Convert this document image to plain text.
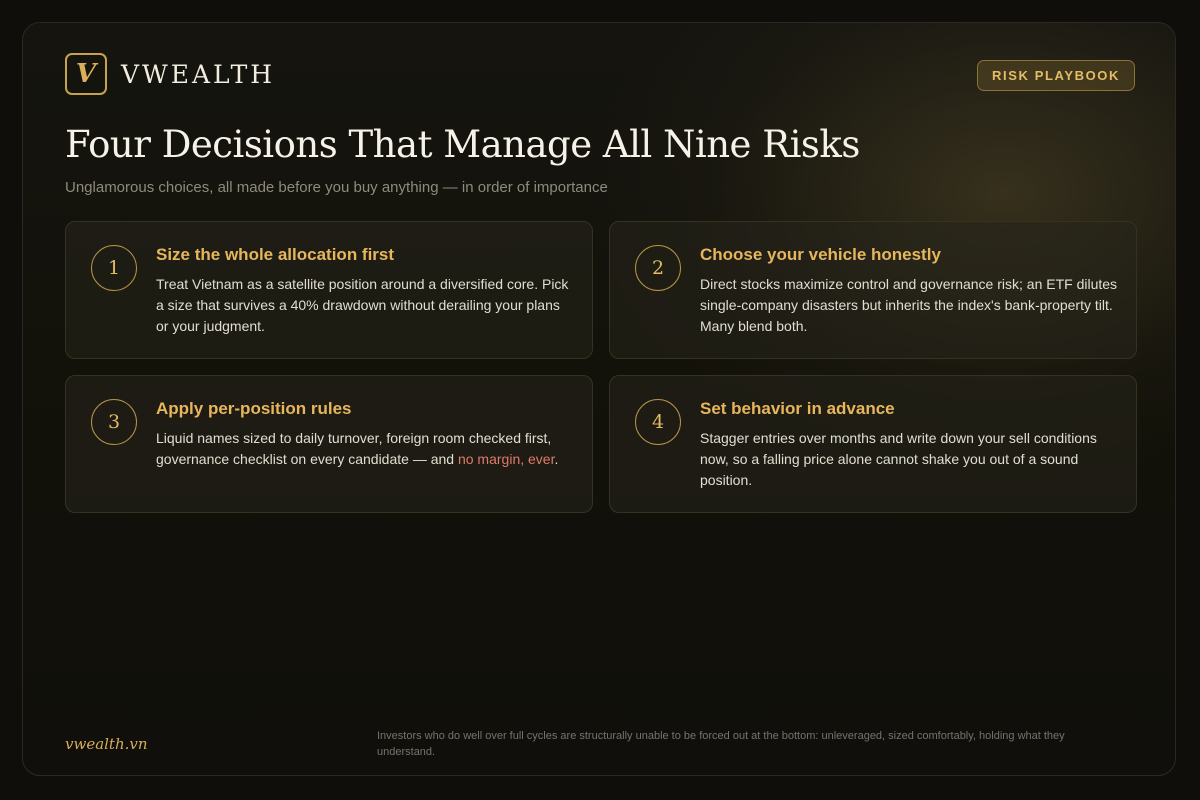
V VWEALTH	RISK PLAYBOOK
Four Decisions That Manage All Nine Risks
Unglamorous choices, all made before you buy anything — in order of importance
1
Size the whole allocation first
Treat Vietnam as a satellite position around a diversified core. Pick a size that survives a 40% drawdown without derailing your plans or your judgment.
2
Choose your vehicle honestly
Direct stocks maximize control and governance risk; an ETF dilutes single-company disasters but inherits the index's bank-property tilt. Many blend both.
3
Apply per-position rules
Liquid names sized to daily turnover, foreign room checked first, governance checklist on every candidate — and no margin, ever.
4
Set behavior in advance
Stagger entries over months and write down your sell conditions now, so a falling price alone cannot shake you out of a sound position.
vwealth.vn	Investors who do well over full cycles are structurally unable to be forced out at the bottom: unleveraged, sized comfortably, holding what they understand.
